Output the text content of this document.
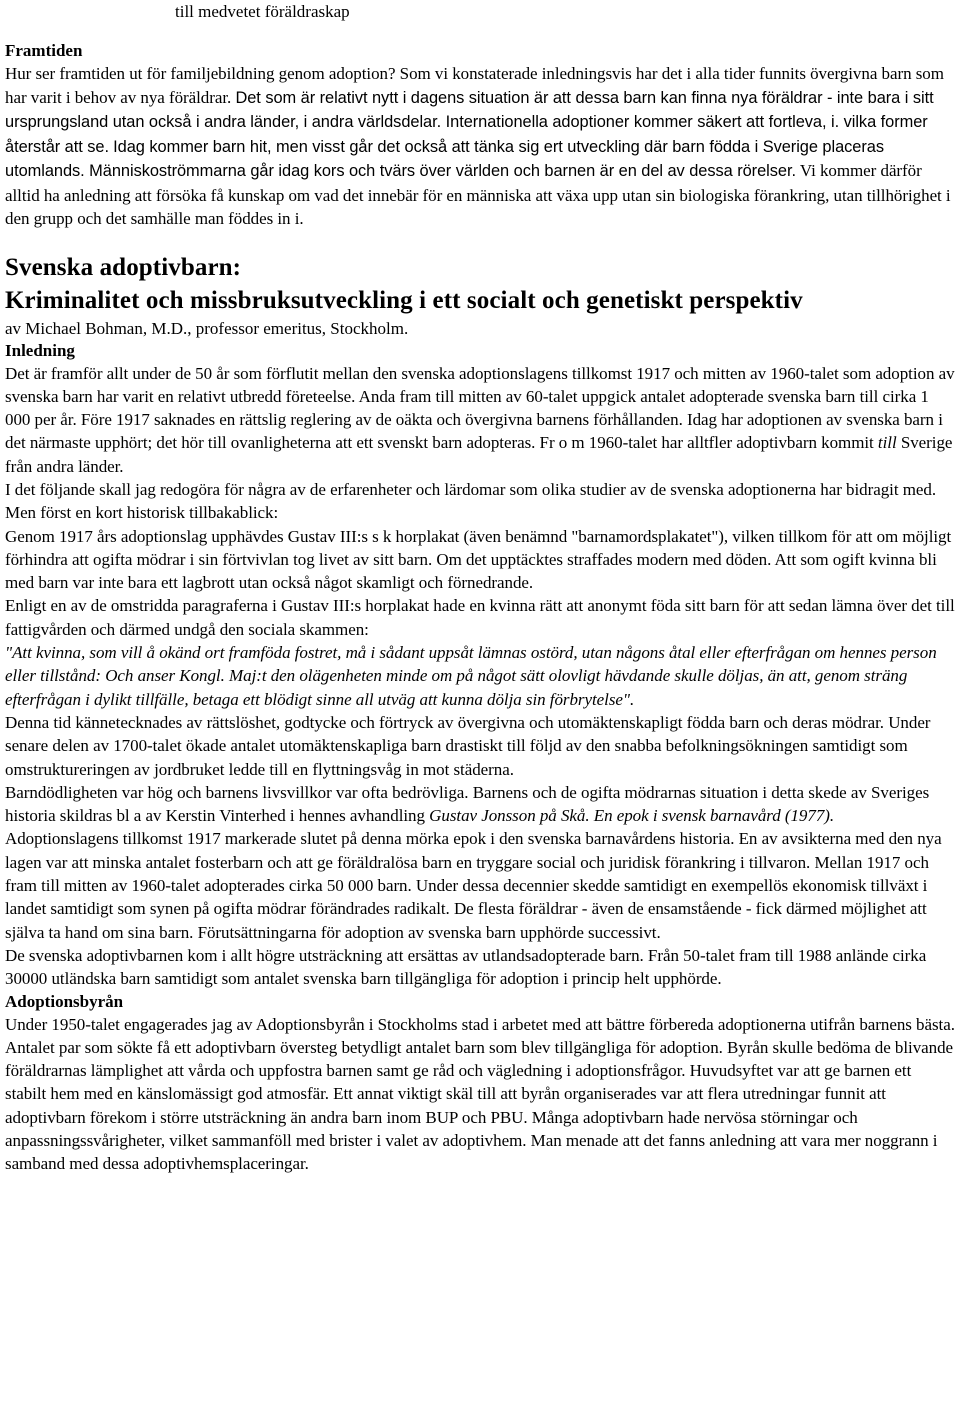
till medvetet föräldraskap
Framtiden

Hur ser framtiden ut för familjebildning genom adoption? Som vi konstaterade inledningsvis har det i alla tider funnits övergivna barn som har varit i behov av nya föräldrar. Det som är relativt nytt i dagens situation är att dessa barn kan finna nya föräldrar - inte bara i sitt ursprungsland utan också i andra länder, i andra världsdelar. Internationella adoptioner kommer säkert att fortleva, i. vilka former återstår att se. Idag kommer barn hit, men visst går det också att tänka sig ert utveckling där barn födda i Sverige placeras utomlands. Människoströmmarna går idag kors och tvärs över världen och barnen är en del av dessa rörelser. Vi kommer därför alltid ha anledning att försöka få kunskap om vad det innebär för en människa att växa upp utan sin biologiska förankring, utan tillhörighet i den grupp och det samhälle man föddes in i.

Svenska adoptivbarn:
Kriminalitet och missbruksutveckling i ett socialt och genetiskt perspektiv

av Michael Bohman, M.D., professor emeritus, Stockholm.

Inledning

Det är framför allt under de 50 år som förflutit mellan den svenska adoptionslagens tillkomst 1917 och mitten av 1960-talet som adoption av svenska barn har varit en relativt utbredd företeelse. Anda fram till mitten av 60-talet uppgick antalet adopterade svenska barn till cirka 1 000 per år. Före 1917 saknades en rättslig reglering av de oäkta och övergivna barnens förhållanden. Idag har adoptionen av svenska barn i det närmaste upphört; det hör till ovanligheterna att ett svenskt barn adopteras. Fr o m 1960-talet har alltfler adoptivbarn kommit till Sverige från andra länder.

I det följande skall jag redogöra för några av de erfarenheter och lärdomar som olika studier av de svenska adoptionerna har bidragit med.

Men först en kort historisk tillbakablick:

Genom 1917 års adoptionslag upphävdes Gustav III:s s k horplakat (även benämnd "barnamordsplakatet"), vilken tillkom för att om möjligt förhindra att ogifta mödrar i sin förtvivlan tog livet av sitt barn. Om det upptäcktes straffades modern med döden. Att som ogift kvinna bli med barn var inte bara ett lagbrott utan också något skamligt och förnedrande.

Enligt en av de omstridda paragraferna i Gustav III:s horplakat hade en kvinna rätt att anonymt föda sitt barn för att sedan lämna över det till fattigvården och därmed undgå den sociala skammen:

"Att kvinna, som vill å okänd ort framföda fostret, må i sådant uppsåt lämnas ostörd, utan någons åtal eller efterfrågan om hennes person eller tillstånd: Och anser Kongl. Maj:t den olägenheten minde om på något sätt olovligt hävdande skulle döljas, än att, genom sträng efterfrågan i dylikt tillfälle, betaga ett blödigt sinne all utväg att kunna dölja sin förbrytelse".

Denna tid kännetecknades av rättslöshet, godtycke och förtryck av övergivna och utomäktenskapligt födda barn och deras mödrar. Under senare delen av 1700-talet ökade antalet utomäktenskapliga barn drastiskt till följd av den snabba befolkningsökningen samtidigt som omstruktureringen av jordbruket ledde till en flyttningsvåg in mot städerna.

Barndödligheten var hög och barnens livsvillkor var ofta bedrövliga. Barnens och de ogifta mödrarnas situation i detta skede av Sveriges historia skildras bl a av Kerstin Vinterhed i hennes avhandling Gustav Jonsson på Skå. En epok i svensk barnavård (1977).

Adoptionslagens tillkomst 1917 markerade slutet på denna mörka epok i den svenska barnavårdens historia. En av avsikterna med den nya lagen var att minska antalet fosterbarn och att ge föräldralösa barn en tryggare social och juridisk förankring i tillvaron. Mellan 1917 och fram till mitten av 1960-talet adopterades cirka 50 000 barn. Under dessa decennier skedde samtidigt en exempellös ekonomisk tillväxt i landet samtidigt som synen på ogifta mödrar förändrades radikalt. De flesta föräldrar - även de ensamstående - fick därmed möjlighet att själva ta hand om sina barn. Förutsättningarna för adoption av svenska barn upphörde successivt.

De svenska adoptivbarnen kom i allt högre utsträckning att ersättas av utlandsadopterade barn. Från 50-talet fram till 1988 anlände cirka 30000 utländska barn samtidigt som antalet svenska barn tillgängliga för adoption i princip helt upphörde.

Adoptionsbyrån

Under 1950-talet engagerades jag av Adoptionsbyrån i Stockholms stad i arbetet med att bättre förbereda adoptionerna utifrån barnens bästa. Antalet par som sökte få ett adoptivbarn översteg betydligt antalet barn som blev tillgängliga för adoption. Byrån skulle bedöma de blivande föräldrarnas lämplighet att vårda och uppfostra barnen samt ge råd och vägledning i adoptionsfrågor. Huvudsyftet var att ge barnen ett stabilt hem med en känslomässigt god atmosfär. Ett annat viktigt skäl till att byrån organiserades var att flera utredningar funnit att adoptivbarn förekom i större utsträckning än andra barn inom BUP och PBU. Många adoptivbarn hade nervösa störningar och anpassningssvårigheter, vilket sammanföll med brister i valet av adoptivhem. Man menade att det fanns anledning att vara mer noggrann i samband med dessa adoptivhemsplaceringar.
